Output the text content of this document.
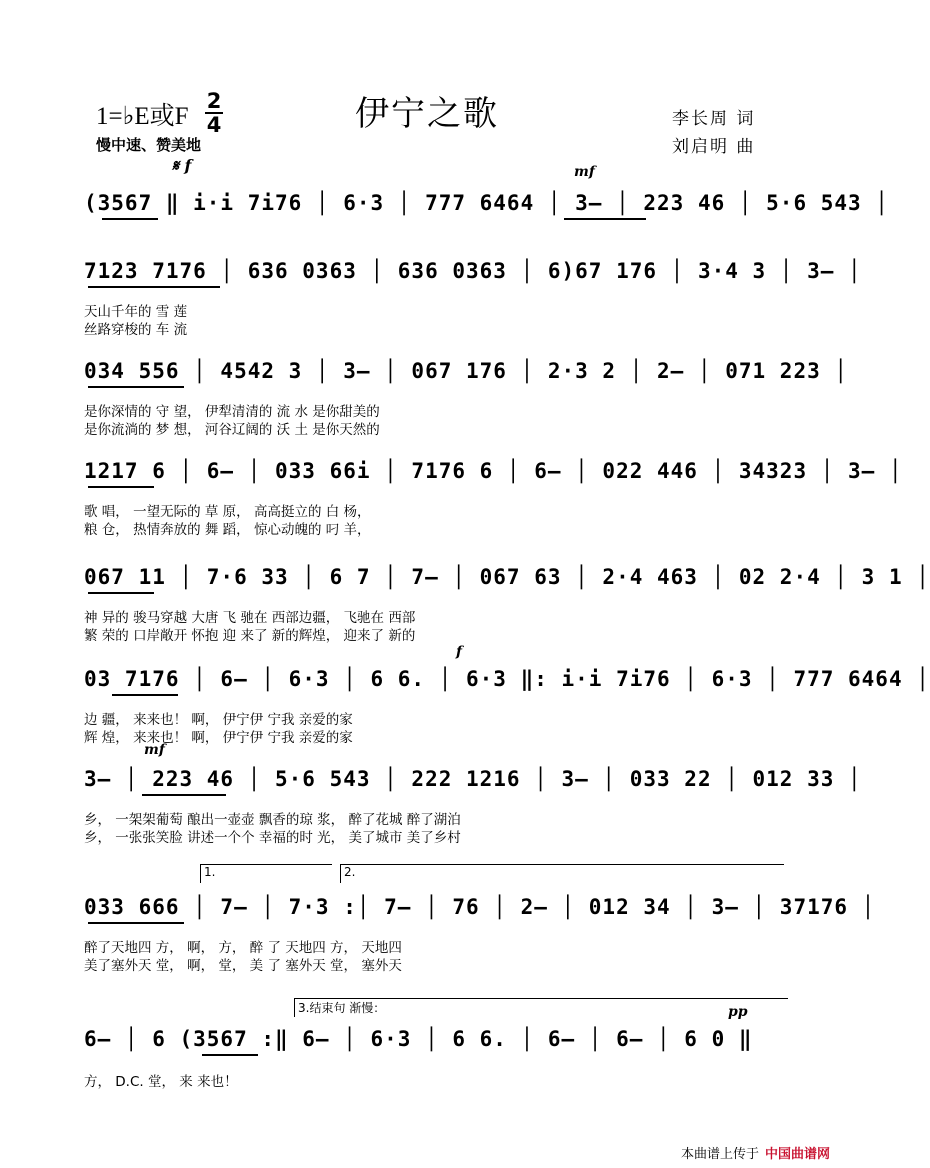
伊宁之歌
1=♭E或F
2
4
慢中速、赞美地
李长周 词
刘启明 曲
𝄋 f	mf
(3567 ‖ i·i 7i76 │ 6·3 │ 777 6464 │ 3— │ 223 46 │ 5·6 543 │
7123 7176 │ 636 0363 │ 636 0363 │ 6)67 176 │ 3·4 3 │ 3— │
天山千年的 雪 莲
丝路穿梭的 车 流
034 556 │ 4542 3 │ 3— │ 067 176 │ 2·3 2 │ 2— │ 071 223 │
是你深情的 守 望， 伊犁清清的 流 水 是你甜美的
是你流淌的 梦 想， 河谷辽阔的 沃 土 是你天然的
1217 6 │ 6— │ 033 66i │ 7176 6 │ 6— │ 022 446 │ 34323 │ 3— │
歌 唱， 一望无际的 草 原， 高高挺立的 白 杨，
粮 仓， 热情奔放的 舞 蹈， 惊心动魄的 叼 羊，
067 11 │ 7·6 33 │ 6 7 │ 7— │ 067 63 │ 2·4 463 │ 02 2·4 │ 3 1 │
神 异的 骏马穿越 大唐 飞 驰在 西部边疆， 飞驰在 西部
繁 荣的 口岸敞开 怀抱 迎 来了 新的辉煌， 迎来了 新的
f
03 7176 │ 6— │ 6·3 │ 6 6. │ 6·3 ‖: i·i 7i76 │ 6·3 │ 777 6464 │
边 疆， 来来也！ 啊， 伊宁伊 宁我 亲爱的家
辉 煌， 来来也！ 啊， 伊宁伊 宁我 亲爱的家
mf
3— │ 223 46 │ 5·6 543 │ 222 1216 │ 3— │ 033 22 │ 012 33 │
乡， 一架架葡萄 酿出一壶壶 飘香的琼 浆， 醉了花城 醉了湖泊
乡， 一张张笑脸 讲述一个个 幸福的时 光， 美了城市 美了乡村
1.	2.
033 666 │ 7— │ 7·3 :│ 7— │ 76 │ 2— │ 012 34 │ 3— │ 37176 │
醉了天地四 方， 啊， 方， 醉 了 天地四 方， 天地四
美了塞外天 堂， 啊， 堂， 美 了 塞外天 堂， 塞外天
3.结束句 渐慢：	pp
6— │ 6 (3567 :‖ 6— │ 6·3 │ 6 6. │ 6— │ 6— │ 6 0 ‖
方， D.C. 堂， 来 来也！
本曲谱上传于 中国曲谱网
